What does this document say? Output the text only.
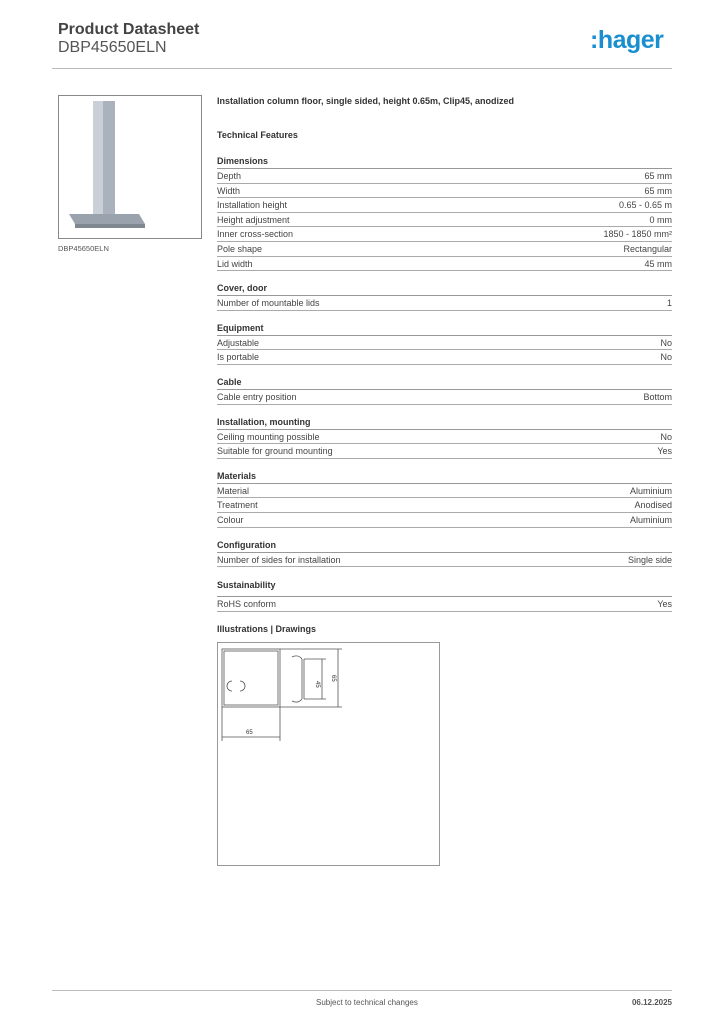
Product Datasheet
DBP45650ELN	:hager
DBP45650ELN
Installation column floor, single sided, height 0.65m, Clip45, anodized
Technical Features
Dimensions
Depth	65 mm
Width	65 mm
Installation height	0.65 - 0.65 m
Height adjustment	0 mm
Inner cross-section	1850 - 1850 mm²
Pole shape	Rectangular
Lid width	45 mm
Cover, door
Number of mountable lids	1
Equipment
Adjustable	No
Is portable	No
Cable
Cable entry position	Bottom
Installation, mounting
Ceiling mounting possible	No
Suitable for ground mounting	Yes
Materials
Material	Aluminium
Treatment	Anodised
Colour	Aluminium
Configuration
Number of sides for installation	Single side
Sustainability
RoHS conform	Yes
Illustrations | Drawings
65
45
65
Subject to technical changes	06.12.2025
